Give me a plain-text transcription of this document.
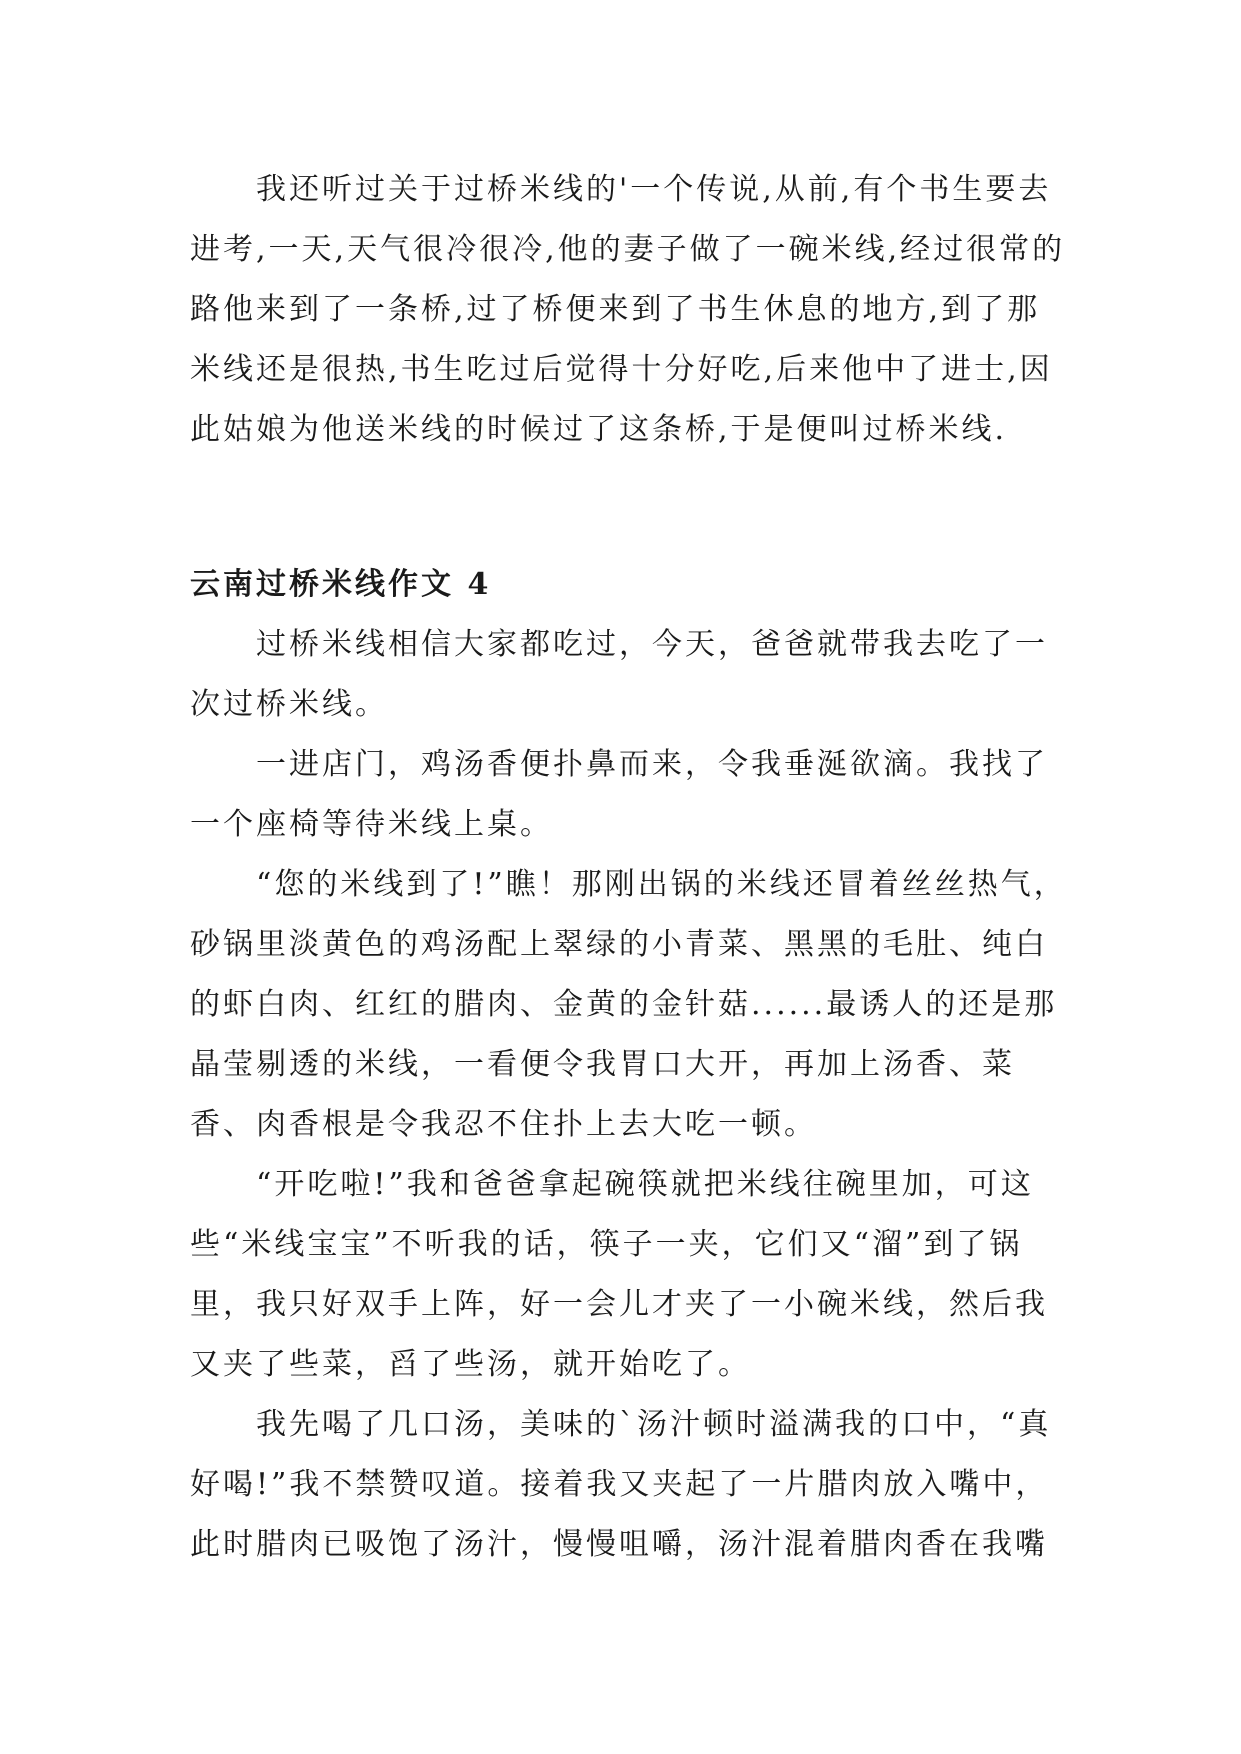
我还听过关于过桥米线的'一个传说,从前,有个书生要去进考,一天,天气很冷很冷,他的妻子做了一碗米线,经过很常的路他来到了一条桥,过了桥便来到了书生休息的地方,到了那米线还是很热,书生吃过后觉得十分好吃,后来他中了进士,因此姑娘为他送米线的时候过了这条桥,于是便叫过桥米线.

云南过桥米线作文 4

过桥米线相信大家都吃过，今天，爸爸就带我去吃了一次过桥米线。

一进店门，鸡汤香便扑鼻而来，令我垂涎欲滴。我找了一个座椅等待米线上桌。

“您的米线到了!”瞧！那刚出锅的米线还冒着丝丝热气，砂锅里淡黄色的鸡汤配上翠绿的小青菜、黑黑的毛肚、纯白的虾白肉、红红的腊肉、金黄的金针菇......最诱人的还是那晶莹剔透的米线，一看便令我胃口大开，再加上汤香、菜香、肉香根是令我忍不住扑上去大吃一顿。

“开吃啦!”我和爸爸拿起碗筷就把米线往碗里加，可这些“米线宝宝”不听我的话，筷子一夹，它们又“溜”到了锅里，我只好双手上阵，好一会儿才夹了一小碗米线，然后我又夹了些菜，舀了些汤，就开始吃了。

我先喝了几口汤，美味的`汤汁顿时溢满我的口中，“真好喝!”我不禁赞叹道。接着我又夹起了一片腊肉放入嘴中，此时腊肉已吸饱了汤汁，慢慢咀嚼，汤汁混着腊肉香在我嘴
